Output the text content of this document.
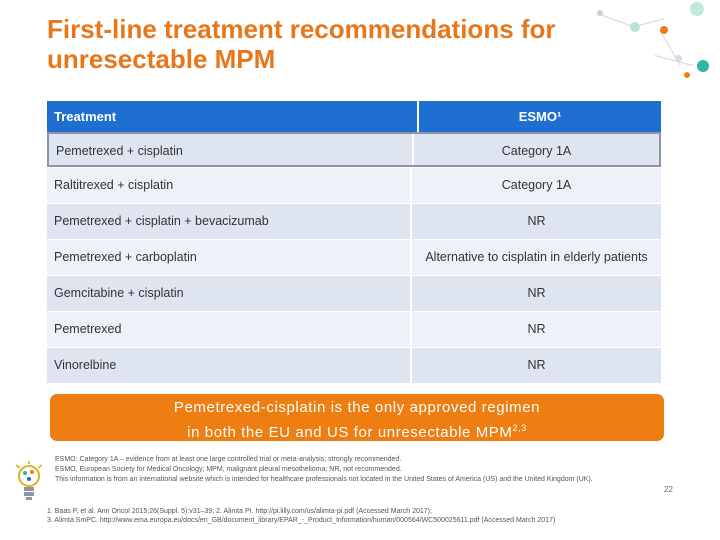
First-line treatment recommendations for unresectable MPM
Treatment	ESMO¹
Pemetrexed + cisplatin	Category 1A
Raltitrexed + cisplatin	Category 1A
Pemetrexed + cisplatin + bevacizumab	NR
Pemetrexed + carboplatin	Alternative to cisplatin in elderly patients
Gemcitabine + cisplatin	NR
Pemetrexed	NR
Vinorelbine	NR
Pemetrexed-cisplatin is the only approved regimen
in both the EU and US for unresectable MPM$^{2,3}$
ESMO: Category 1A – evidence from at least one large controlled trial or meta-analysis; strongly recommended.
ESMO, European Society for Medical Oncology; MPM, malignant pleural mesothelioma; NR, not recommended.
This information is from an international website which is intended for healthcare professionals not located in the United States of America (US) and the United Kingdom (UK).
1. Baas P, et al. Ann Oncol 2015;26(Suppl. 5):v31–39; 2. Alimta PI. http://pi.lilly.com/us/alimta-pi.pdf (Accessed March 2017);
3. Alimta SmPC. http://www.ema.europa.eu/docs/en_GB/document_library/EPAR_-_Product_Information/human/000564/WC500025611.pdf (Accessed March 2017)
22
